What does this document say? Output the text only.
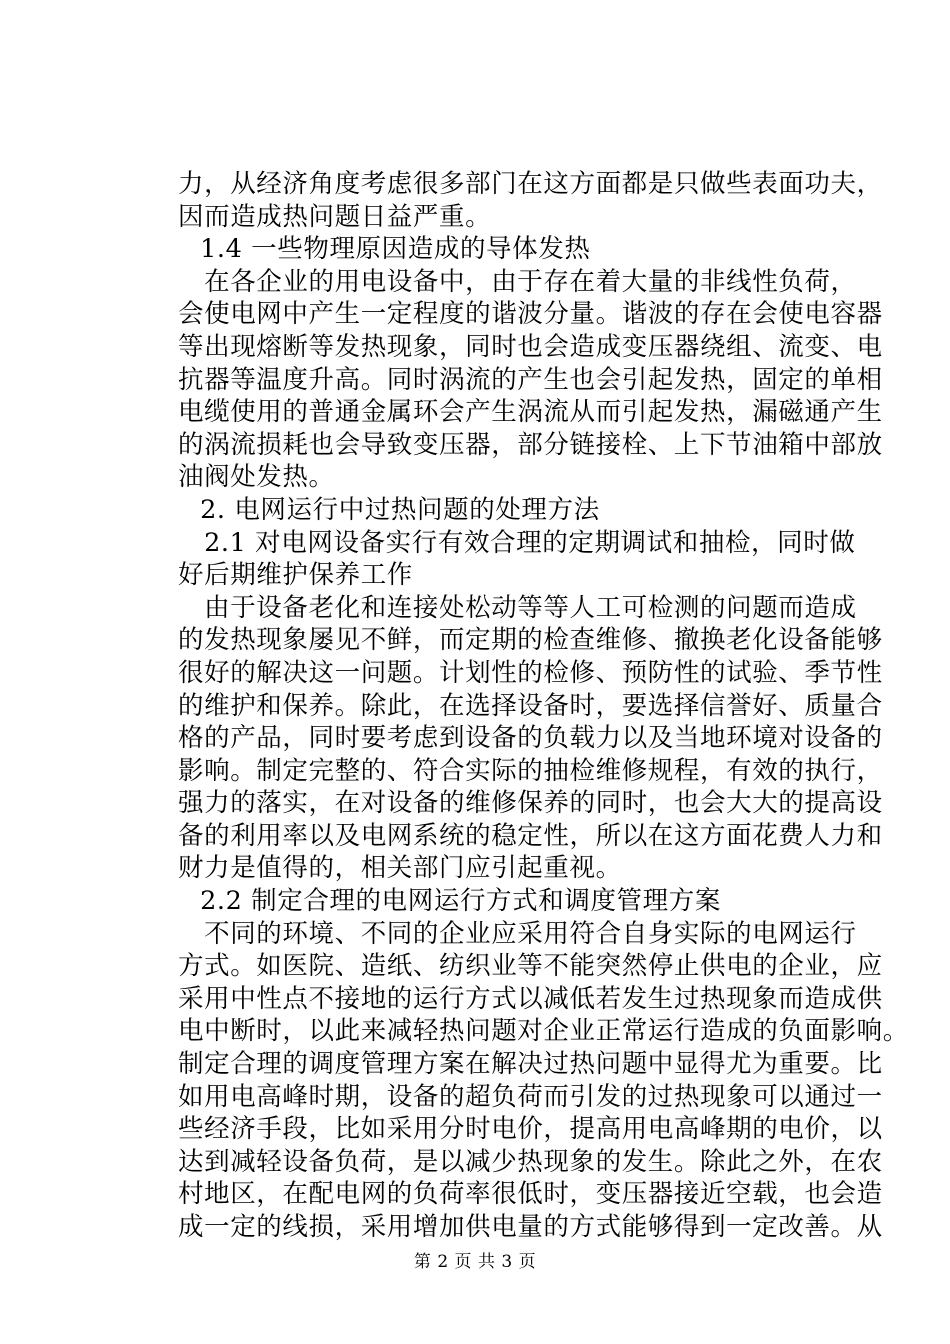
力，从经济角度考虑很多部门在这方面都是只做些表面功夫，
因而造成热问题日益严重。
　1.4 一些物理原因造成的导体发热
　在各企业的用电设备中，由于存在着大量的非线性负荷，
会使电网中产生一定程度的谐波分量。谐波的存在会使电容器
等出现熔断等发热现象，同时也会造成变压器绕组、流变、电
抗器等温度升高。同时涡流的产生也会引起发热，固定的单相
电缆使用的普通金属环会产生涡流从而引起发热，漏磁通产生
的涡流损耗也会导致变压器，部分链接栓、上下节油箱中部放
油阀处发热。
　2. 电网运行中过热问题的处理方法
　2.1 对电网设备实行有效合理的定期调试和抽检，同时做
好后期维护保养工作
　由于设备老化和连接处松动等等人工可检测的问题而造成
的发热现象屡见不鲜，而定期的检查维修、撤换老化设备能够
很好的解决这一问题。计划性的检修、预防性的试验、季节性
的维护和保养。除此，在选择设备时，要选择信誉好、质量合
格的产品，同时要考虑到设备的负载力以及当地环境对设备的
影响。制定完整的、符合实际的抽检维修规程，有效的执行，
强力的落实，在对设备的维修保养的同时，也会大大的提高设
备的利用率以及电网系统的稳定性，所以在这方面花费人力和
财力是值得的，相关部门应引起重视。
　2.2 制定合理的电网运行方式和调度管理方案
　不同的环境、不同的企业应采用符合自身实际的电网运行
方式。如医院、造纸、纺织业等不能突然停止供电的企业，应
采用中性点不接地的运行方式以减低若发生过热现象而造成供
电中断时，以此来减轻热问题对企业正常运行造成的负面影响。
制定合理的调度管理方案在解决过热问题中显得尤为重要。比
如用电高峰时期，设备的超负荷而引发的过热现象可以通过一
些经济手段，比如采用分时电价，提高用电高峰期的电价，以
达到减轻设备负荷，是以减少热现象的发生。除此之外，在农
村地区，在配电网的负荷率很低时，变压器接近空载，也会造
成一定的线损，采用增加供电量的方式能够得到一定改善。从
第 2 页 共 3 页
